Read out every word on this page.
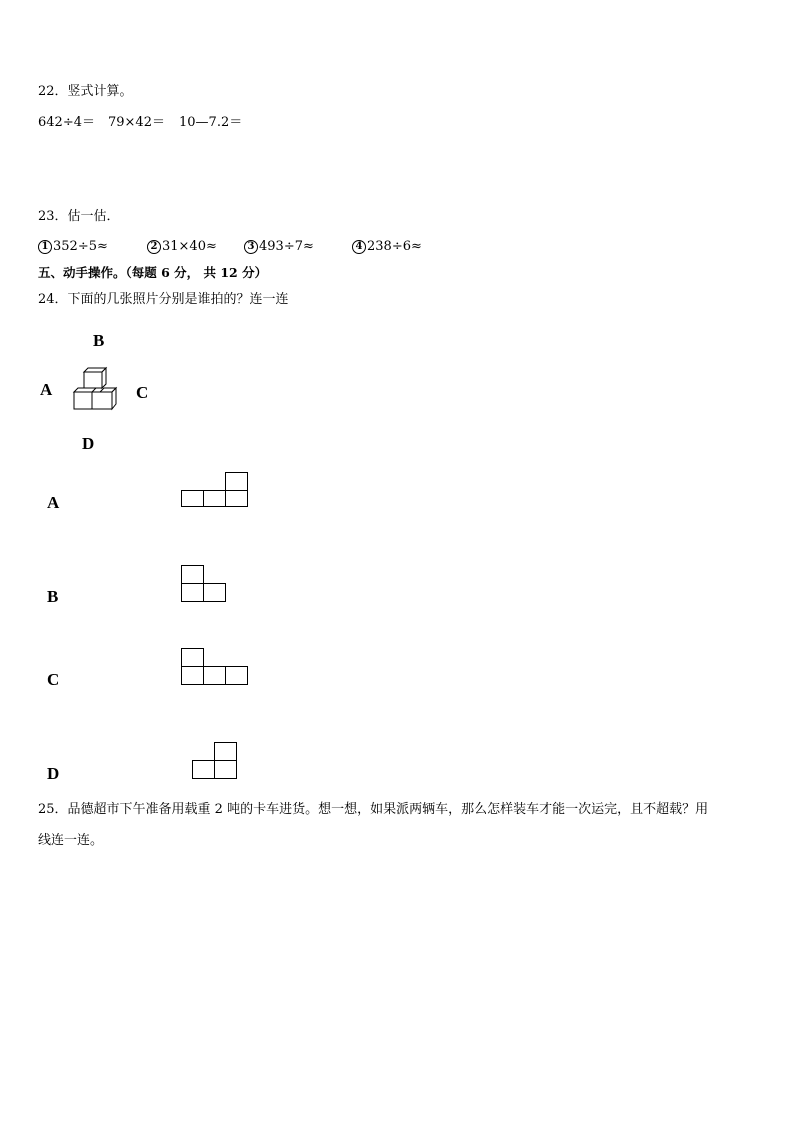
22．竖式计算。
642÷4＝ 79×42＝ 10—7.2＝
23．估一估．
1 352÷5≈	2 31×40≈	3 493÷7≈	4 238÷6≈
五、动手操作。（每题 6 分， 共 12 分）
24．下面的几张照片分别是谁拍的？连一连
B
A	C
D
A
B
C
D
25．品德超市下午准备用载重 2 吨的卡车进货。想一想，如果派两辆车，那么怎样装车才能一次运完，且不超载？用
线连一连。
